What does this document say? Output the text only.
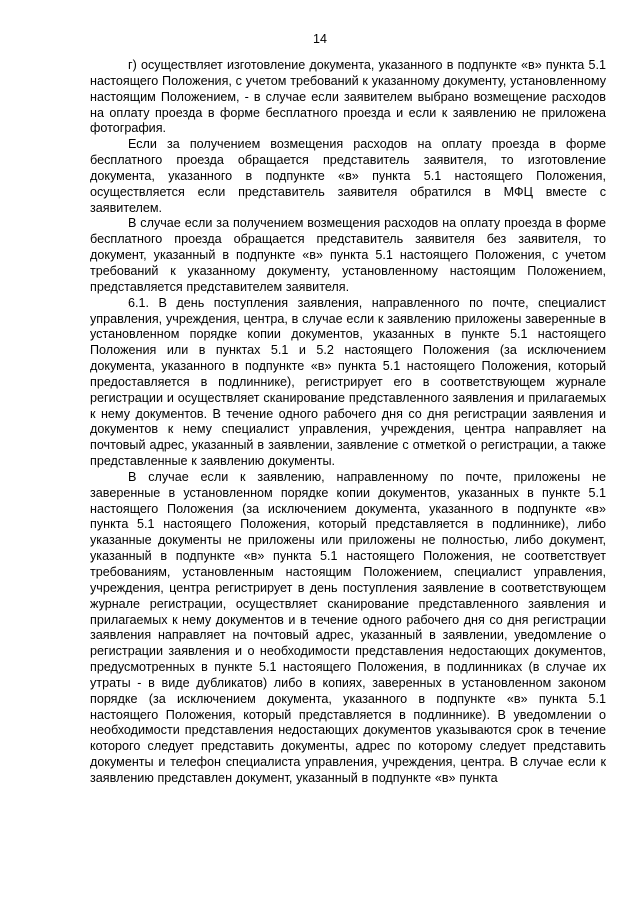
14

г) осуществляет изготовление документа, указанного в подпункте «в» пункта 5.1 настоящего Положения, с учетом требований к указанному документу, установленному настоящим Положением, - в случае если заявителем выбрано возмещение расходов на оплату проезда в форме бесплатного проезда и если к заявлению не приложена фотография.

Если за получением возмещения расходов на оплату проезда в форме бесплатного проезда обращается представитель заявителя, то изготовление документа, указанного в подпункте «в» пункта 5.1 настоящего Положения, осуществляется если представитель заявителя обратился в МФЦ вместе с заявителем.

В случае если за получением возмещения расходов на оплату проезда в форме бесплатного проезда обращается представитель заявителя без заявителя, то документ, указанный в подпункте «в» пункта 5.1 настоящего Положения, с учетом требований к указанному документу, установленному настоящим Положением, представляется представителем заявителя.

6.1. В день поступления заявления, направленного по почте, специалист управления, учреждения, центра, в случае если к заявлению приложены заверенные в установленном порядке копии документов, указанных в пункте 5.1 настоящего Положения или в пунктах 5.1 и 5.2 настоящего Положения (за исключением документа, указанного в подпункте «в» пункта 5.1 настоящего Положения, который предоставляется в подлиннике), регистрирует его в соответствующем журнале регистрации и осуществляет сканирование представленного заявления и прилагаемых к нему документов. В течение одного рабочего дня со дня регистрации заявления и документов к нему специалист управления, учреждения, центра направляет на почтовый адрес, указанный в заявлении, заявление с отметкой о регистрации, а также представленные к заявлению документы.

В случае если к заявлению, направленному по почте, приложены не заверенные в установленном порядке копии документов, указанных в пункте 5.1 настоящего Положения (за исключением документа, указанного в подпункте «в» пункта 5.1 настоящего Положения, который представляется в подлиннике), либо указанные документы не приложены или приложены не полностью, либо документ, указанный в подпункте «в» пункта 5.1 настоящего Положения, не соответствует требованиям, установленным настоящим Положением, специалист управления, учреждения, центра регистрирует в день поступления заявление в соответствующем журнале регистрации, осуществляет сканирование представленного заявления и прилагаемых к нему документов и в течение одного рабочего дня со дня регистрации заявления направляет на почтовый адрес, указанный в заявлении, уведомление о регистрации заявления и о необходимости представления недостающих документов, предусмотренных в пункте 5.1 настоящего Положения, в подлинниках (в случае их утраты - в виде дубликатов) либо в копиях, заверенных в установленном законом порядке (за исключением документа, указанного в подпункте «в» пункта 5.1 настоящего Положения, который представляется в подлиннике). В уведомлении о необходимости представления недостающих документов указываются срок в течение которого следует представить документы, адрес по которому следует представить документы и телефон специалиста управления, учреждения, центра. В случае если к заявлению представлен документ, указанный в подпункте «в» пункта
